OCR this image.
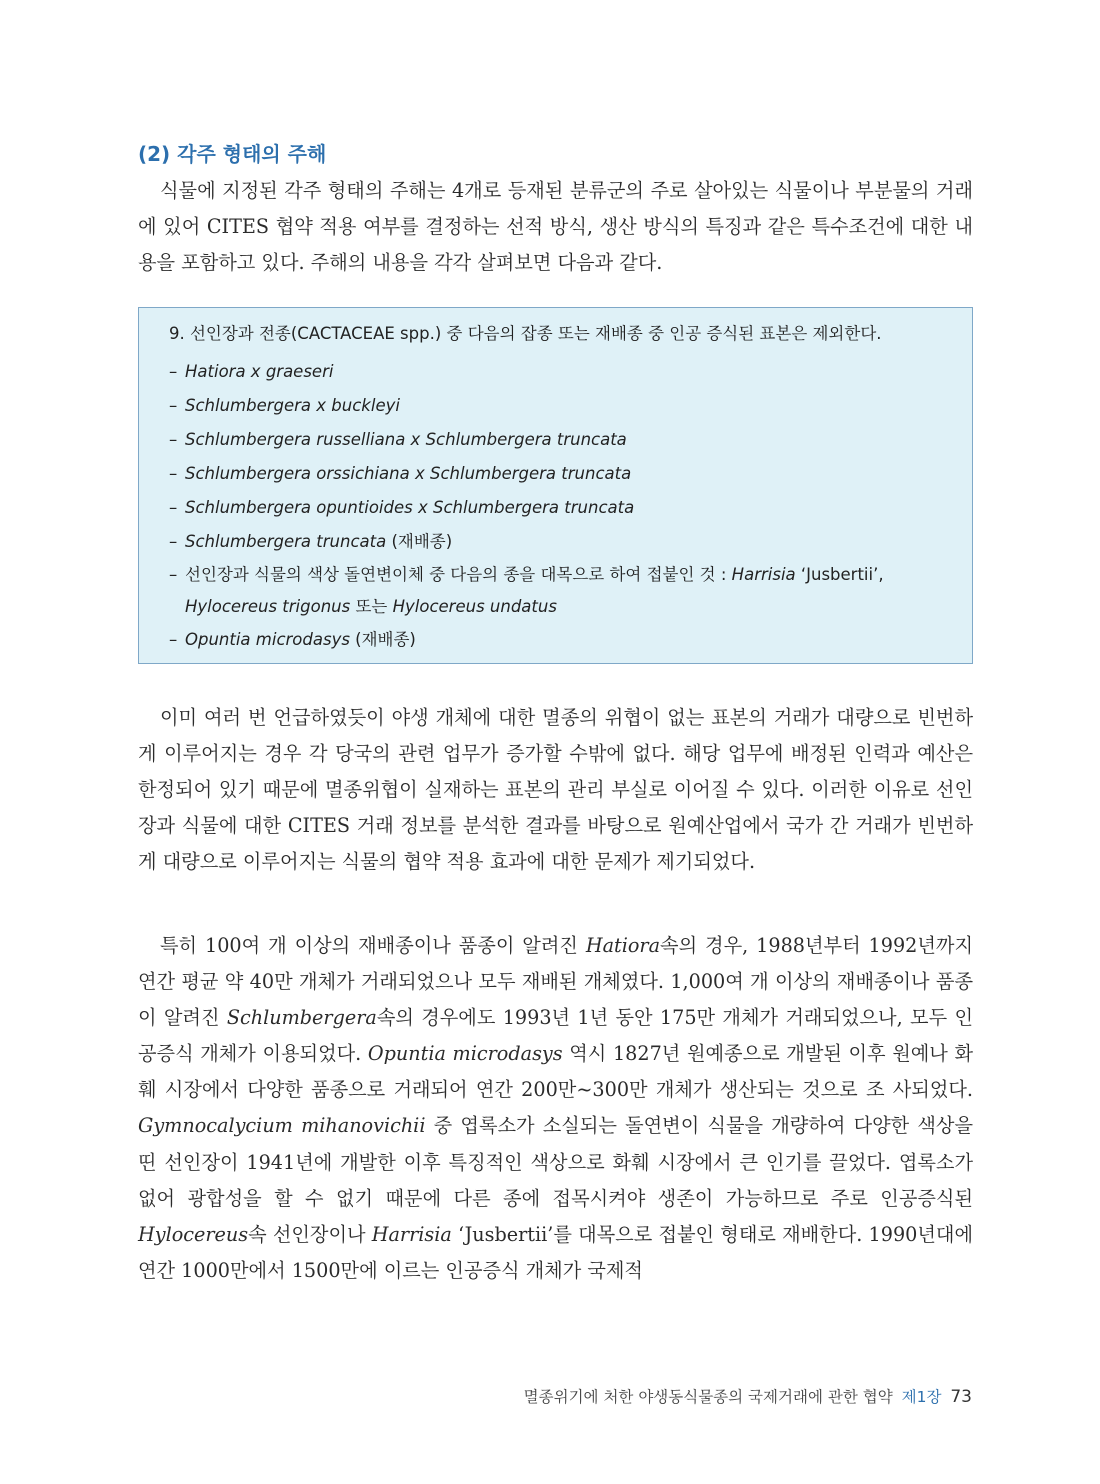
(2) 각주 형태의 주해

식물에 지정된 각주 형태의 주해는 4개로 등재된 분류군의 주로 살아있는 식물이나 부분물의 거래에 있어 CITES 협약 적용 여부를 결정하는 선적 방식, 생산 방식의 특징과 같은 특수조건에 대한 내용을 포함하고 있다. 주해의 내용을 각각 살펴보면 다음과 같다.

9. 선인장과 전종(CACTACEAE spp.) 중 다음의 잡종 또는 재배종 중 인공 증식된 표본은 제외한다.

– Hatiora x graeseri
– Schlumbergera x buckleyi
– Schlumbergera russelliana x Schlumbergera truncata
– Schlumbergera orssichiana x Schlumbergera truncata
– Schlumbergera opuntioides x Schlumbergera truncata
– Schlumbergera truncata (재배종)
– 선인장과 식물의 색상 돌연변이체 중 다음의 종을 대목으로 하여 접붙인 것 : Harrisia ‘Jusbertii’, Hylocereus trigonus 또는 Hylocereus undatus
– Opuntia microdasys (재배종)

이미 여러 번 언급하였듯이 야생 개체에 대한 멸종의 위협이 없는 표본의 거래가 대량으로 빈번하게 이루어지는 경우 각 당국의 관련 업무가 증가할 수밖에 없다. 해당 업무에 배정된 인력과 예산은 한정되어 있기 때문에 멸종위협이 실재하는 표본의 관리 부실로 이어질 수 있다. 이러한 이유로 선인장과 식물에 대한 CITES 거래 정보를 분석한 결과를 바탕으로 원예산업에서 국가 간 거래가 빈번하게 대량으로 이루어지는 식물의 협약 적용 효과에 대한 문제가 제기되었다.

특히 100여 개 이상의 재배종이나 품종이 알려진 Hatiora속의 경우, 1988년부터 1992년까지 연간 평균 약 40만 개체가 거래되었으나 모두 재배된 개체였다. 1,000여 개 이상의 재배종이나 품종이 알려진 Schlumbergera속의 경우에도 1993년 1년 동안 175만 개체가 거래되었으나, 모두 인공증식 개체가 이용되었다. Opuntia microdasys 역시 1827년 원예종으로 개발된 이후 원예나 화훼 시장에서 다양한 품종으로 거래되어 연간 200만~300만 개체가 생산되는 것으로 조 사되었다. Gymnocalycium mihanovichii 중 엽록소가 소실되는 돌연변이 식물을 개량하여 다양한 색상을 띤 선인장이 1941년에 개발한 이후 특징적인 색상으로 화훼 시장에서 큰 인기를 끌었다. 엽록소가 없어 광합성을 할 수 없기 때문에 다른 종에 접목시켜야 생존이 가능하므로 주로 인공증식된 Hylocereus속 선인장이나 Harrisia ‘Jusbertii’를 대목으로 접붙인 형태로 재배한다. 1990년대에 연간 1000만에서 1500만에 이르는 인공증식 개체가 국제적

멸종위기에 처한 야생동식물종의 국제거래에 관한 협약 제1장 73
